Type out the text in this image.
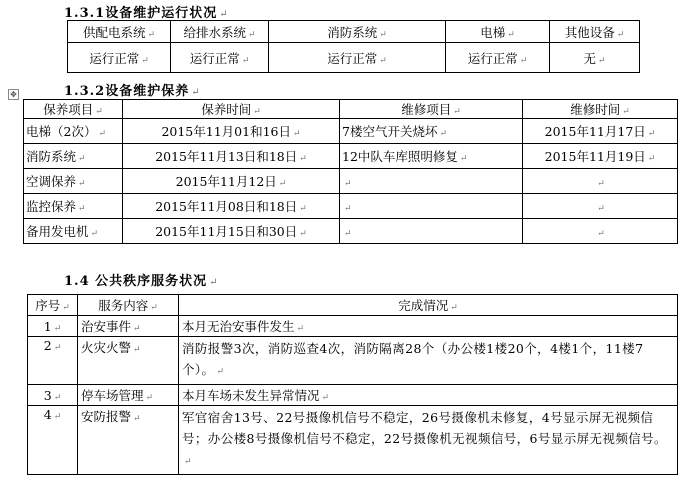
1.3.1设备维护运行状况 ↵
供配电系统 ↵	给排水系统 ↵	消防系统 ↵	电梯 ↵	其他设备 ↵
运行正常 ↵	运行正常 ↵	运行正常 ↵	运行正常 ↵	无 ↵
✥	1.3.2设备维护保养 ↵
保养项目 ↵	保养时间 ↵	维修项目 ↵	维修时间 ↵
电梯（2次） ↵	2015年11月01和16日 ↵	7楼空气开关烧坏 ↵	2015年11月17日 ↵
消防系统 ↵	2015年11月13日和18日 ↵	12中队车库照明修复 ↵	2015年11月19日 ↵
空调保养 ↵	2015年11月12日 ↵	↵	↵
监控保养 ↵	2015年11月08日和18日 ↵	↵	↵
备用发电机 ↵	2015年11月15日和30日 ↵	↵	↵
1.4 公共秩序服务状况 ↵
序号 ↵	服务内容 ↵	完成情况 ↵
1 ↵	治安事件 ↵	本月无治安事件发生 ↵
2 ↵	火灾火警 ↵	消防报警3次，消防巡查4次，消防隔离28个（办公楼1楼20个，4楼1个，11楼7个）。 ↵
3 ↵	停车场管理 ↵	本月车场未发生异常情况 ↵
4 ↵	安防报警 ↵	军官宿舍13号、22号摄像机信号不稳定，26号摄像机未修复，4号显示屏无视频信号；办公楼8号摄像机信号不稳定，22号摄像机无视频信号，6号显示屏无视频信号。↵
